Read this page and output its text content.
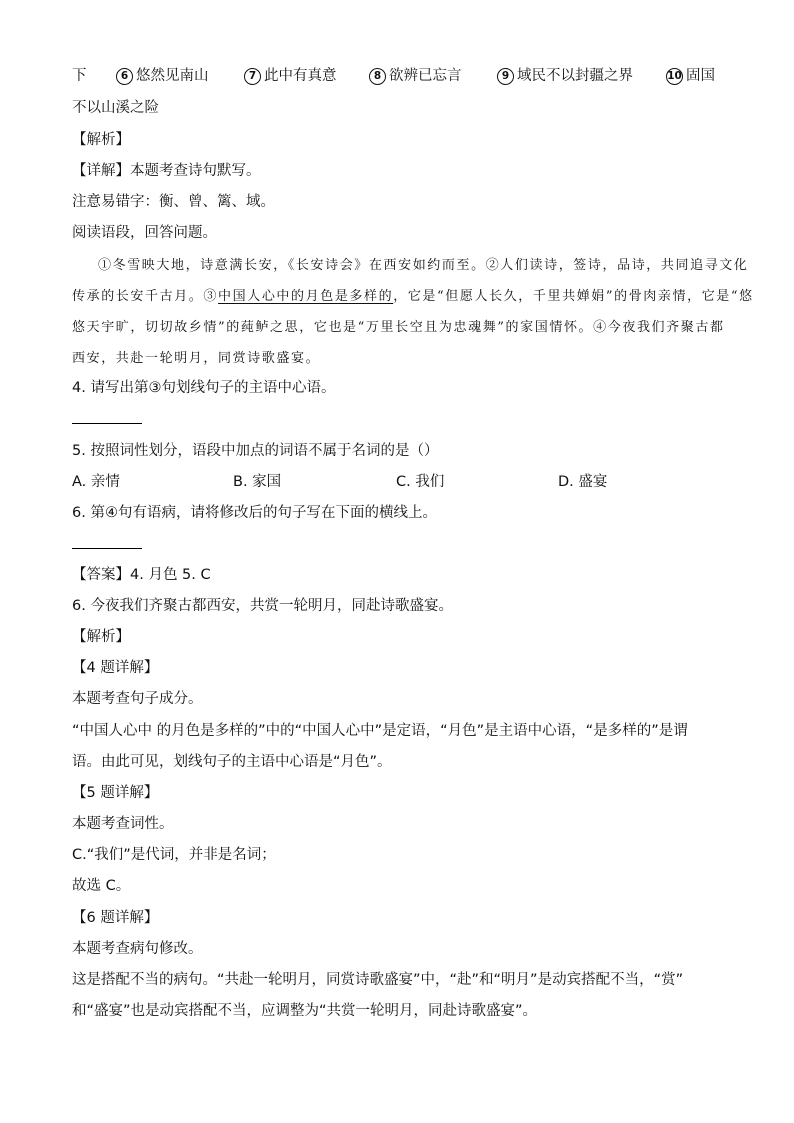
下	6 悠然见南山	7 此中有真意	8 欲辨已忘言	9 域民不以封疆之界	10 固国
不以山溪之险
【解析】
【详解】本题考查诗句默写。
注意易错字：衡、曾、篱、域。
阅读语段，回答问题。
①冬雪映大地，诗意满长安，《长安诗会》在西安如约而至。②人们读诗，签诗，品诗，共同追寻文化
传承的长安千古月。③中国人心中的月色是多样的，它是“但愿人长久，千里共婵娟”的骨肉亲情，它是“悠
悠天宇旷，切切故乡情”的莼鲈之思，它也是“万里长空且为忠魂舞”的家国情怀。④今夜我们齐聚古都
西安，共赴一轮明月，同赏诗歌盛宴。
4. 请写出第③句划线句子的主语中心语。
5. 按照词性划分，语段中加点的词语不属于名词的是（）
A. 亲情	B. 家国	C. 我们	D. 盛宴
6. 第④句有语病，请将修改后的句子写在下面的横线上。
【答案】4. 月色 5. C
6. 今夜我们齐聚古都西安，共赏一轮明月，同赴诗歌盛宴。
【解析】
【4 题详解】
本题考查句子成分。
“中国人心中 的月色是多样的”中的“中国人心中”是定语，“月色”是主语中心语，“是多样的”是谓
语。由此可见，划线句子的主语中心语是“月色”。
【5 题详解】
本题考查词性。
C.“我们”是代词，并非是名词；
故选 C。
【6 题详解】
本题考查病句修改。
这是搭配不当的病句。“共赴一轮明月，同赏诗歌盛宴”中，“赴”和“明月”是动宾搭配不当，“赏”
和“盛宴”也是动宾搭配不当，应调整为“共赏一轮明月，同赴诗歌盛宴”。
